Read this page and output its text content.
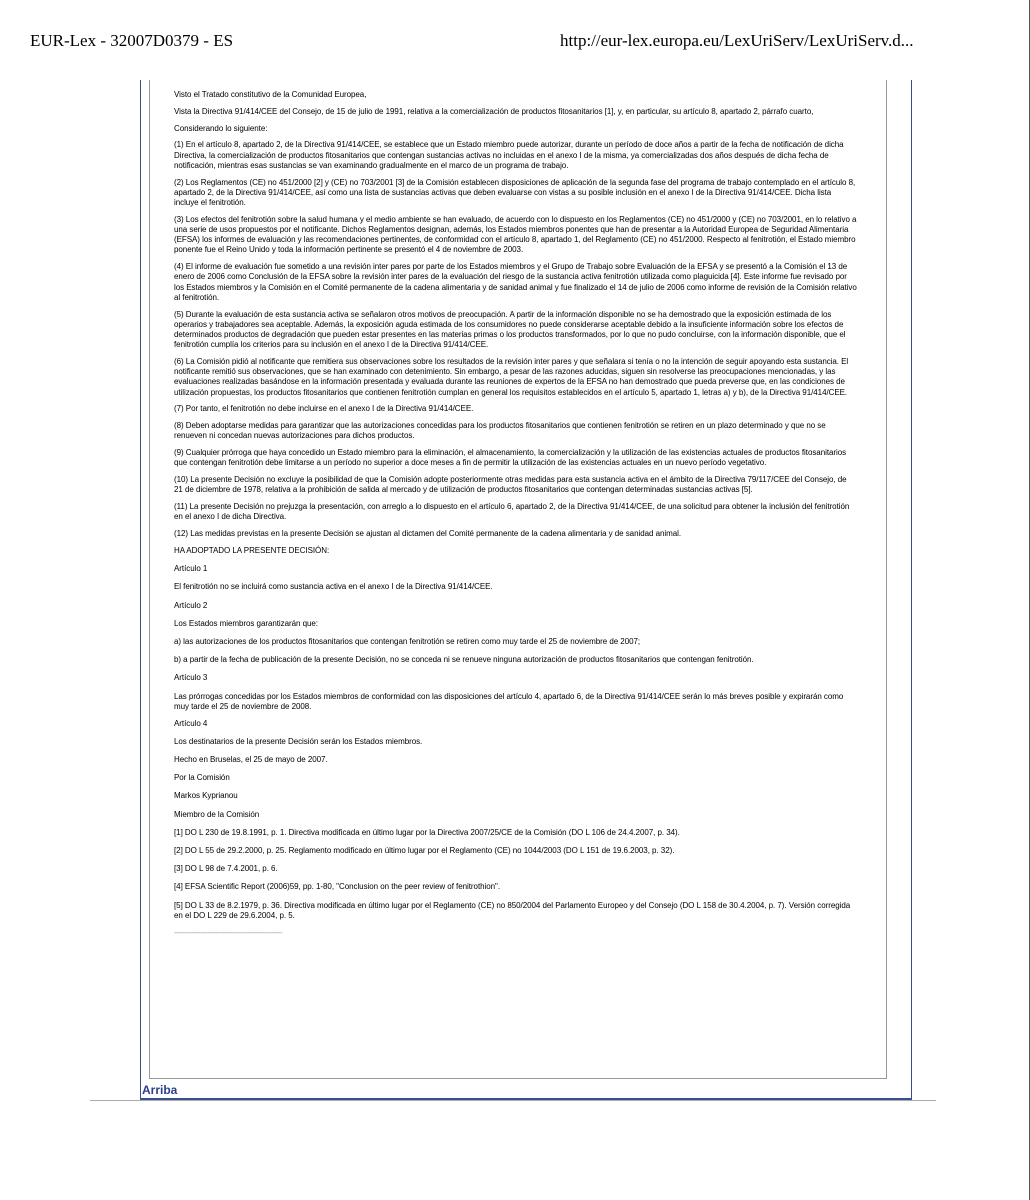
EUR-Lex - 32007D0379 - ES	http://eur-lex.europa.eu/LexUriServ/LexUriServ.d...

Visto el Tratado constitutivo de la Comunidad Europea,

Vista la Directiva 91/414/CEE del Consejo, de 15 de julio de 1991, relativa a la comercialización de productos fitosanitarios [1], y, en particular, su artículo 8, apartado 2, párrafo cuarto,

Considerando lo siguiente:

(1) En el artículo 8, apartado 2, de la Directiva 91/414/CEE, se establece que un Estado miembro puede autorizar, durante un período de doce años a partir de la fecha de notificación de dicha Directiva, la comercialización de productos fitosanitarios que contengan sustancias activas no incluidas en el anexo I de la misma, ya comercializadas dos años después de dicha fecha de notificación, mientras esas sustancias se van examinando gradualmente en el marco de un programa de trabajo.

(2) Los Reglamentos (CE) no 451/2000 [2] y (CE) no 703/2001 [3] de la Comisión establecen disposiciones de aplicación de la segunda fase del programa de trabajo contemplado en el artículo 8, apartado 2, de la Directiva 91/414/CEE, así como una lista de sustancias activas que deben evaluarse con vistas a su posible inclusión en el anexo I de la Directiva 91/414/CEE. Dicha lista incluye el fenitrotión.

(3) Los efectos del fenitrotión sobre la salud humana y el medio ambiente se han evaluado, de acuerdo con lo dispuesto en los Reglamentos (CE) no 451/2000 y (CE) no 703/2001, en lo relativo a una serie de usos propuestos por el notificante. Dichos Reglamentos designan, además, los Estados miembros ponentes que han de presentar a la Autoridad Europea de Seguridad Alimentaria (EFSA) los informes de evaluación y las recomendaciones pertinentes, de conformidad con el artículo 8, apartado 1, del Reglamento (CE) no 451/2000. Respecto al fenitrotión, el Estado miembro ponente fue el Reino Unido y toda la información pertinente se presentó el 4 de noviembre de 2003.

(4) El informe de evaluación fue sometido a una revisión inter pares por parte de los Estados miembros y el Grupo de Trabajo sobre Evaluación de la EFSA y se presentó a la Comisión el 13 de enero de 2006 como Conclusión de la EFSA sobre la revisión inter pares de la evaluación del riesgo de la sustancia activa fenitrotión utilizada como plaguicida [4]. Este informe fue revisado por los Estados miembros y la Comisión en el Comité permanente de la cadena alimentaria y de sanidad animal y fue finalizado el 14 de julio de 2006 como informe de revisión de la Comisión relativo al fenitrotión.

(5) Durante la evaluación de esta sustancia activa se señalaron otros motivos de preocupación. A partir de la información disponible no se ha demostrado que la exposición estimada de los operarios y trabajadores sea aceptable. Además, la exposición aguda estimada de los consumidores no puede considerarse aceptable debido a la insuficiente información sobre los efectos de determinados productos de degradación que pueden estar presentes en las materias primas o los productos transformados, por lo que no pudo concluirse, con la información disponible, que el fenitrotión cumplía los criterios para su inclusión en el anexo I de la Directiva 91/414/CEE.

(6) La Comisión pidió al notificante que remitiera sus observaciones sobre los resultados de la revisión inter pares y que señalara si tenía o no la intención de seguir apoyando esta sustancia. El notificante remitió sus observaciones, que se han examinado con detenimiento. Sin embargo, a pesar de las razones aducidas, siguen sin resolverse las preocupaciones mencionadas, y las evaluaciones realizadas basándose en la información presentada y evaluada durante las reuniones de expertos de la EFSA no han demostrado que pueda preverse que, en las condiciones de utilización propuestas, los productos fitosanitarios que contienen fenitrotión cumplan en general los requisitos establecidos en el artículo 5, apartado 1, letras a) y b), de la Directiva 91/414/CEE.

(7) Por tanto, el fenitrotión no debe incluirse en el anexo I de la Directiva 91/414/CEE.

(8) Deben adoptarse medidas para garantizar que las autorizaciones concedidas para los productos fitosanitarios que contienen fenitrotión se retiren en un plazo determinado y que no se renueven ni concedan nuevas autorizaciones para dichos productos.

(9) Cualquier prórroga que haya concedido un Estado miembro para la eliminación, el almacenamiento, la comercialización y la utilización de las existencias actuales de productos fitosanitarios que contengan fenitrotión debe limitarse a un período no superior a doce meses a fin de permitir la utilización de las existencias actuales en un nuevo período vegetativo.

(10) La presente Decisión no excluye la posibilidad de que la Comisión adopte posteriormente otras medidas para esta sustancia activa en el ámbito de la Directiva 79/117/CEE del Consejo, de 21 de diciembre de 1978, relativa a la prohibición de salida al mercado y de utilización de productos fitosanitarios que contengan determinadas sustancias activas [5].

(11) La presente Decisión no prejuzga la presentación, con arreglo a lo dispuesto en el artículo 6, apartado 2, de la Directiva 91/414/CEE, de una solicitud para obtener la inclusión del fenitrotión en el anexo I de dicha Directiva.

(12) Las medidas previstas en la presente Decisión se ajustan al dictamen del Comité permanente de la cadena alimentaria y de sanidad animal.

HA ADOPTADO LA PRESENTE DECISIÓN:

Artículo 1

El fenitrotión no se incluirá como sustancia activa en el anexo I de la Directiva 91/414/CEE.

Artículo 2

Los Estados miembros garantizarán que:

a) las autorizaciones de los productos fitosanitarios que contengan fenitrotión se retiren como muy tarde el 25 de noviembre de 2007;

b) a partir de la fecha de publicación de la presente Decisión, no se conceda ni se renueve ninguna autorización de productos fitosanitarios que contengan fenitrotión.

Artículo 3

Las prórrogas concedidas por los Estados miembros de conformidad con las disposiciones del artículo 4, apartado 6, de la Directiva 91/414/CEE serán lo más breves posible y expirarán como muy tarde el 25 de noviembre de 2008.

Artículo 4

Los destinatarios de la presente Decisión serán los Estados miembros.

Hecho en Bruselas, el 25 de mayo de 2007.

Por la Comisión

Markos Kyprianou

Miembro de la Comisión

[1] DO L 230 de 19.8.1991, p. 1. Directiva modificada en último lugar por la Directiva 2007/25/CE de la Comisión (DO L 106 de 24.4.2007, p. 34).

[2] DO L 55 de 29.2.2000, p. 25. Reglamento modificado en último lugar por el Reglamento (CE) no 1044/2003 (DO L 151 de 19.6.2003, p. 32).

[3] DO L 98 de 7.4.2001, p. 6.

[4] EFSA Scientific Report (2006)59, pp. 1-80, "Conclusion on the peer review of fenitrothion".

[5] DO L 33 de 8.2.1979, p. 36. Directiva modificada en último lugar por el Reglamento (CE) no 850/2004 del Parlamento Europeo y del Consejo (DO L 158 de 30.4.2004, p. 7). Versión corregida en el DO L 229 de 29.6.2004, p. 5.

--------------------------------------------------
Arriba
